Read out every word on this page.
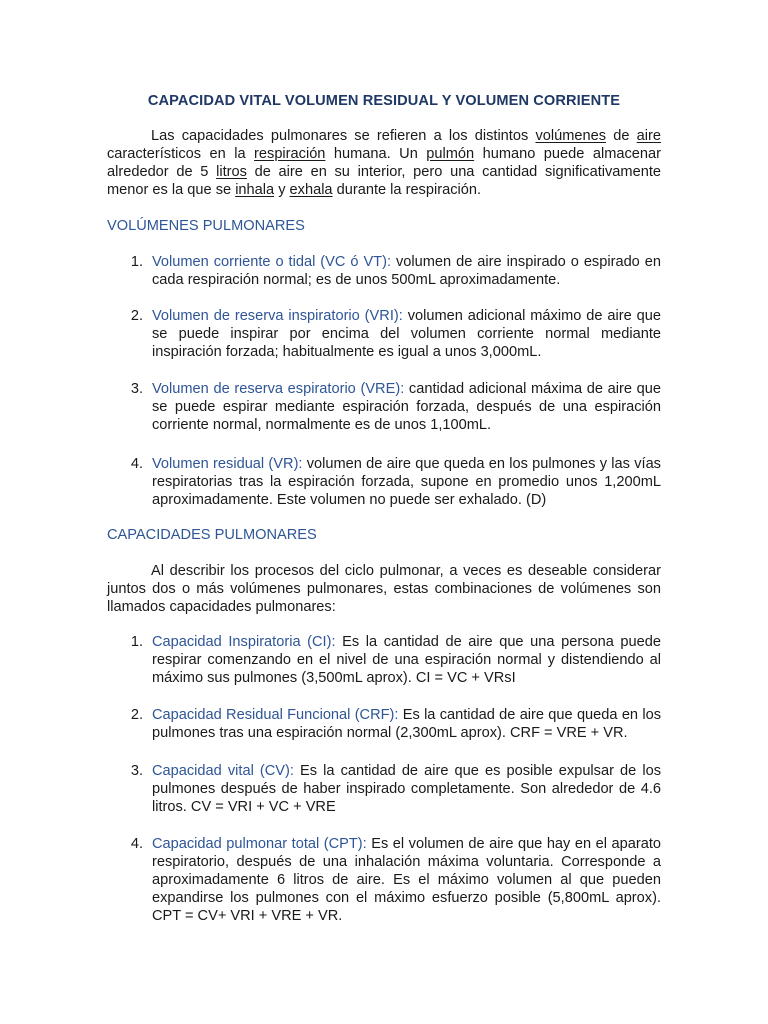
CAPACIDAD VITAL VOLUMEN RESIDUAL Y VOLUMEN CORRIENTE
Las capacidades pulmonares se refieren a los distintos volúmenes de aire característicos en la respiración humana. Un pulmón humano puede almacenar alrededor de 5 litros de aire en su interior, pero una cantidad significativamente menor es la que se inhala y exhala durante la respiración.
VOLÚMENES PULMONARES
1. Volumen corriente o tidal (VC ó VT): volumen de aire inspirado o espirado en cada respiración normal; es de unos 500mL aproximadamente.
2. Volumen de reserva inspiratorio (VRI): volumen adicional máximo de aire que se puede inspirar por encima del volumen corriente normal mediante inspiración forzada; habitualmente es igual a unos 3,000mL.
3. Volumen de reserva espiratorio (VRE): cantidad adicional máxima de aire que se puede espirar mediante espiración forzada, después de una espiración corriente normal, normalmente es de unos 1,100mL.
4. Volumen residual (VR): volumen de aire que queda en los pulmones y las vías respiratorias tras la espiración forzada, supone en promedio unos 1,200mL aproximadamente. Este volumen no puede ser exhalado. (D)
CAPACIDADES PULMONARES
Al describir los procesos del ciclo pulmonar, a veces es deseable considerar juntos dos o más volúmenes pulmonares, estas combinaciones de volúmenes son llamados capacidades pulmonares:
1. Capacidad Inspiratoria (CI): Es la cantidad de aire que una persona puede respirar comenzando en el nivel de una espiración normal y distendiendo al máximo sus pulmones (3,500mL aprox). CI = VC + VRsI
2. Capacidad Residual Funcional (CRF): Es la cantidad de aire que queda en los pulmones tras una espiración normal (2,300mL aprox). CRF = VRE + VR.
3. Capacidad vital (CV): Es la cantidad de aire que es posible expulsar de los pulmones después de haber inspirado completamente. Son alrededor de 4.6 litros. CV = VRI + VC + VRE
4. Capacidad pulmonar total (CPT): Es el volumen de aire que hay en el aparato respiratorio, después de una inhalación máxima voluntaria. Corresponde a aproximadamente 6 litros de aire. Es el máximo volumen al que pueden expandirse los pulmones con el máximo esfuerzo posible (5,800mL aprox). CPT = CV+ VRI + VRE + VR.
